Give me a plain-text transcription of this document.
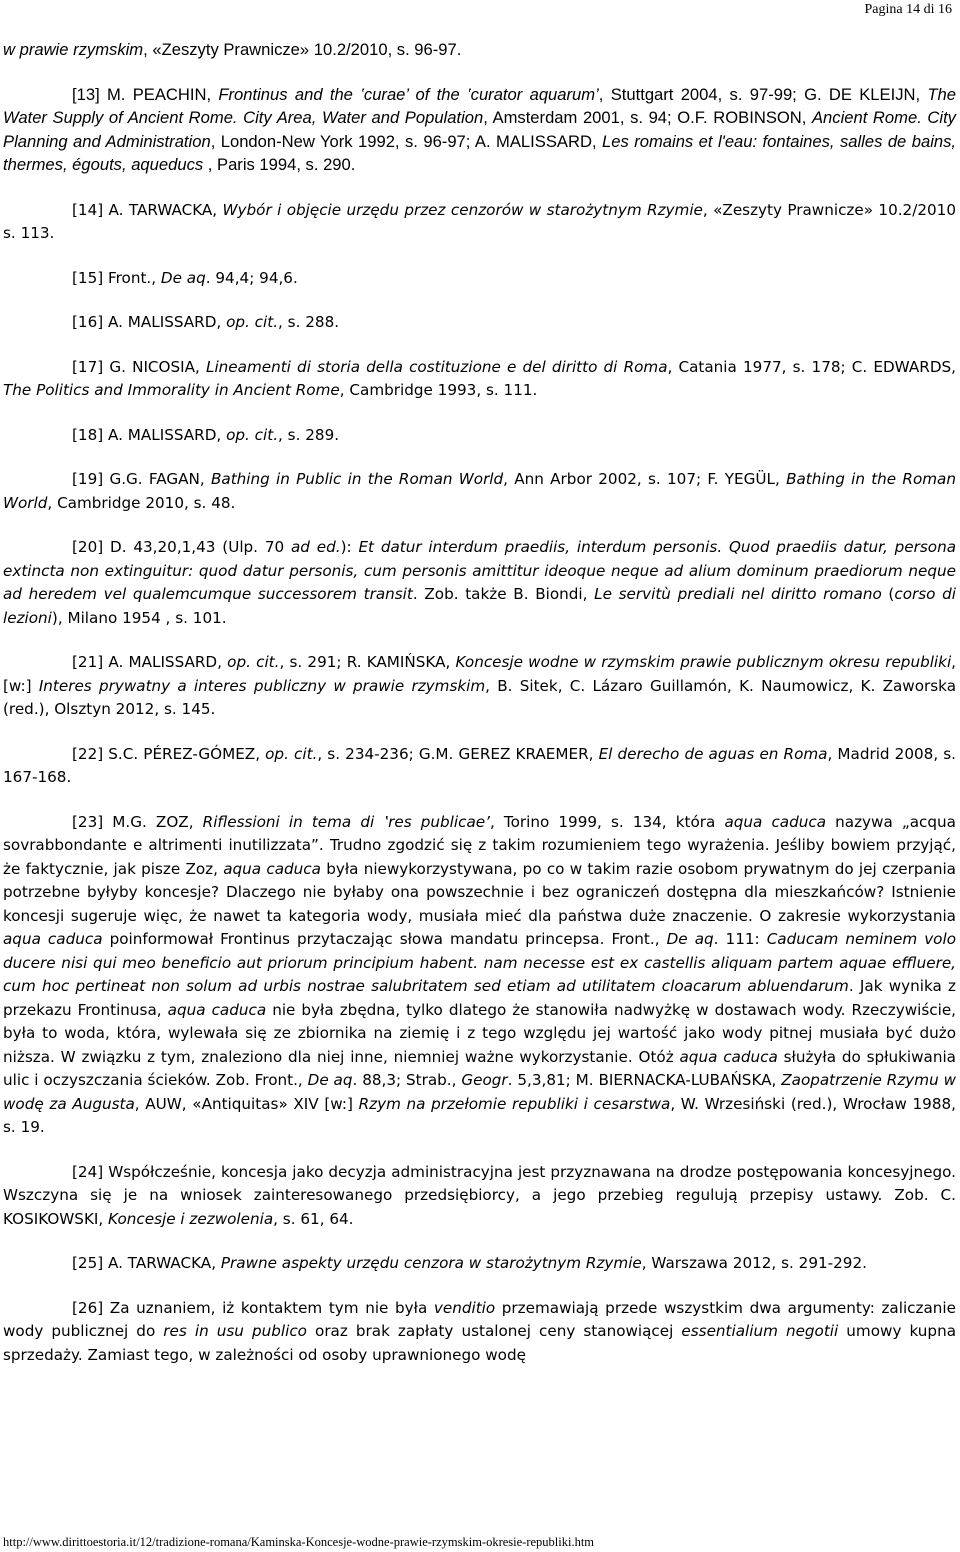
Pagina 14 di 16

w prawie rzymskim, «Zeszyty Prawnicze» 10.2/2010, s. 96-97.

[13] M. PEACHIN, Frontinus and the ‛curae’ of the ‛curator aquarum’, Stuttgart 2004, s. 97-99; G. DE KLEIJN, The Water Supply of Ancient Rome. City Area, Water and Population, Amsterdam 2001, s. 94; O.F. ROBINSON, Ancient Rome. City Planning and Administration, London-New York 1992, s. 96-97; A. MALISSARD, Les romains et l'eau: fontaines, salles de bains, thermes, égouts, aqueducs , Paris 1994, s. 290.

[14] A. TARWACKA, Wybór i objęcie urzędu przez cenzorów w starożytnym Rzymie, «Zeszyty Prawnicze» 10.2/2010 s. 113.

[15] Front., De aq. 94,4; 94,6.

[16] A. MALISSARD, op. cit., s. 288.

[17] G. NICOSIA, Lineamenti di storia della costituzione e del diritto di Roma, Catania 1977, s. 178; C. EDWARDS, The Politics and Immorality in Ancient Rome, Cambridge 1993, s. 111.

[18] A. MALISSARD, op. cit., s. 289.

[19] G.G. FAGAN, Bathing in Public in the Roman World, Ann Arbor 2002, s. 107; F. YEGÜL, Bathing in the Roman World, Cambridge 2010, s. 48.

[20] D. 43,20,1,43 (Ulp. 70 ad ed.): Et datur interdum praediis, interdum personis. Quod praediis datur, persona extincta non extinguitur: quod datur personis, cum personis amittitur ideoque neque ad alium dominum praediorum neque ad heredem vel qualemcumque successorem transit. Zob. także B. Biondi, Le servitù prediali nel diritto romano (corso di lezioni), Milano 1954 , s. 101.

[21] A. MALISSARD, op. cit., s. 291; R. KAMIŃSKA, Koncesje wodne w rzymskim prawie publicznym okresu republiki, [w:] Interes prywatny a interes publiczny w prawie rzymskim, B. Sitek, C. Lázaro Guillamón, K. Naumowicz, K. Zaworska (red.), Olsztyn 2012, s. 145.

[22] S.C. PÉREZ-GÓMEZ, op. cit., s. 234-236; G.M. GEREZ KRAEMER, El derecho de aguas en Roma, Madrid 2008, s. 167-168.

[23] M.G. ZOZ, Riflessioni in tema di ‛res publicae’, Torino 1999, s. 134, która aqua caduca nazywa „acqua sovrabbondante e altrimenti inutilizzata”. Trudno zgodzić się z takim rozumieniem tego wyrażenia. Jeśliby bowiem przyjąć, że faktycznie, jak pisze Zoz, aqua caduca była niewykorzystywana, po co w takim razie osobom prywatnym do jej czerpania potrzebne byłyby koncesje? Dlaczego nie byłaby ona powszechnie i bez ograniczeń dostępna dla mieszkańców? Istnienie koncesji sugeruje więc, że nawet ta kategoria wody, musiała mieć dla państwa duże znaczenie. O zakresie wykorzystania aqua caduca poinformował Frontinus przytaczając słowa mandatu princepsa. Front., De aq. 111: Caducam neminem volo ducere nisi qui meo beneficio aut priorum principium habent. nam necesse est ex castellis aliquam partem aquae effluere, cum hoc pertineat non solum ad urbis nostrae salubritatem sed etiam ad utilitatem cloacarum abluendarum. Jak wynika z przekazu Frontinusa, aqua caduca nie była zbędna, tylko dlatego że stanowiła nadwyżkę w dostawach wody. Rzeczywiście, była to woda, która, wylewała się ze zbiornika na ziemię i z tego względu jej wartość jako wody pitnej musiała być dużo niższa. W związku z tym, znaleziono dla niej inne, niemniej ważne wykorzystanie. Otóż aqua caduca służyła do spłukiwania ulic i oczyszczania ścieków. Zob. Front., De aq. 88,3; Strab., Geogr. 5,3,81; M. BIERNACKA-LUBAŃSKA, Zaopatrzenie Rzymu w wodę za Augusta, AUW, «Antiquitas» XIV [w:] Rzym na przełomie republiki i cesarstwa, W. Wrzesiński (red.), Wrocław 1988, s. 19.

[24] Współcześnie, koncesja jako decyzja administracyjna jest przyznawana na drodze postępowania koncesyjnego. Wszczyna się je na wniosek zainteresowanego przedsiębiorcy, a jego przebieg regulują przepisy ustawy. Zob. C. KOSIKOWSKI, Koncesje i zezwolenia, s. 61, 64.

[25] A. TARWACKA, Prawne aspekty urzędu cenzora w starożytnym Rzymie, Warszawa 2012, s. 291-292.

[26] Za uznaniem, iż kontaktem tym nie była venditio przemawiają przede wszystkim dwa argumenty: zaliczanie wody publicznej do res in usu publico oraz brak zapłaty ustalonej ceny stanowiącej essentialium negotii umowy kupna sprzedaży. Zamiast tego, w zależności od osoby uprawnionego wodę

http://www.dirittoestoria.it/12/tradizione-romana/Kaminska-Koncesje-wodne-prawie-rzymskim-okresie-republiki.htm
